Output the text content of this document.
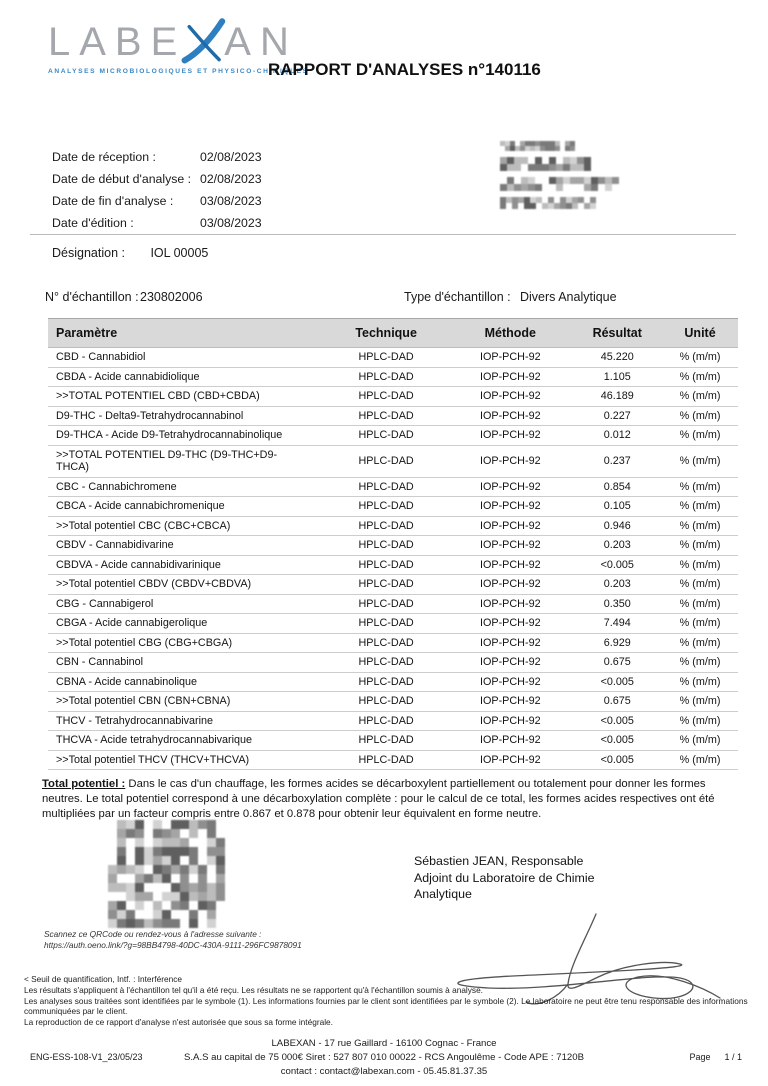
LABE AN
ANALYSES MICROBIOLOGIQUES ET PHYSICO-CHIMIQUES
RAPPORT D'ANALYSES n°140116
Date de réception :	02/08/2023
Date de début d'analyse : 02/08/2023
Date de fin d'analyse :	03/08/2023
Date d'édition :	03/08/2023
Désignation : IOL 00005
N° d'échantillon : 230802006	Type d'échantillon : Divers Analytique
Paramètre	Technique	Méthode	Résultat	Unité
CBD - Cannabidiol	HPLC-DAD	IOP-PCH-92	45.220	% (m/m)
CBDA - Acide cannabidiolique	HPLC-DAD	IOP-PCH-92	1.105	% (m/m)
>>TOTAL POTENTIEL CBD (CBD+CBDA)	HPLC-DAD	IOP-PCH-92	46.189	% (m/m)
D9-THC - Delta9-Tetrahydrocannabinol	HPLC-DAD	IOP-PCH-92	0.227	% (m/m)
D9-THCA - Acide D9-Tetrahydrocannabinolique	HPLC-DAD	IOP-PCH-92	0.012	% (m/m)
>>TOTAL POTENTIEL D9-THC (D9-THC+D9-THCA)	HPLC-DAD	IOP-PCH-92	0.237	% (m/m)
CBC - Cannabichromene	HPLC-DAD	IOP-PCH-92	0.854	% (m/m)
CBCA - Acide cannabichromenique	HPLC-DAD	IOP-PCH-92	0.105	% (m/m)
>>Total potentiel CBC (CBC+CBCA)	HPLC-DAD	IOP-PCH-92	0.946	% (m/m)
CBDV - Cannabidivarine	HPLC-DAD	IOP-PCH-92	0.203	% (m/m)
CBDVA - Acide cannabidivarinique	HPLC-DAD	IOP-PCH-92	<0.005	% (m/m)
>>Total potentiel CBDV (CBDV+CBDVA)	HPLC-DAD	IOP-PCH-92	0.203	% (m/m)
CBG - Cannabigerol	HPLC-DAD	IOP-PCH-92	0.350	% (m/m)
CBGA - Acide cannabigerolique	HPLC-DAD	IOP-PCH-92	7.494	% (m/m)
>>Total potentiel CBG (CBG+CBGA)	HPLC-DAD	IOP-PCH-92	6.929	% (m/m)
CBN - Cannabinol	HPLC-DAD	IOP-PCH-92	0.675	% (m/m)
CBNA - Acide cannabinolique	HPLC-DAD	IOP-PCH-92	<0.005	% (m/m)
>>Total potentiel CBN (CBN+CBNA)	HPLC-DAD	IOP-PCH-92	0.675	% (m/m)
THCV - Tetrahydrocannabivarine	HPLC-DAD	IOP-PCH-92	<0.005	% (m/m)
THCVA - Acide tetrahydrocannabivarique	HPLC-DAD	IOP-PCH-92	<0.005	% (m/m)
>>Total potentiel THCV (THCV+THCVA)	HPLC-DAD	IOP-PCH-92	<0.005	% (m/m)

Total potentiel : Dans le cas d'un chauffage, les formes acides se décarboxylent partiellement ou totalement pour donner les formes neutres. Le total potentiel correspond à une décarboxylation complète : pour le calcul de ce total, les formes acides respectives ont été multipliées par un facteur compris entre 0.867 et 0.878 pour obtenir leur équivalent en forme neutre.

Scannez ce QRCode ou rendez-vous à l'adresse suivante :
https://auth.oeno.link/?g=98BB4798-40DC-430A-9111-296FC9878091
Sébastien JEAN, Responsable
Adjoint du Laboratoire de Chimie
Analytique
< Seuil de quantification, Intf. : Interférence
Les résultats s'appliquent à l'échantillon tel qu'il a été reçu. Les résultats ne se rapportent qu'à l'échantillon soumis à analyse.
Les analyses sous traitées sont identifiées par le symbole (1). Les informations fournies par le client sont identifiées par le symbole (2). Le laboratoire ne peut être tenu responsable des informations communiquées par le client.
La reproduction de ce rapport d'analyse n'est autorisée que sous sa forme intégrale.
LABEXAN - 17 rue Gaillard - 16100 Cognac - France
S.A.S au capital de 75 000€ Siret : 527 807 010 00022 - RCS Angoulême - Code APE : 7120B
contact : contact@labexan.com - 05.45.81.37.35
ENG-ESS-108-V1_23/05/23	Page 1 / 1
